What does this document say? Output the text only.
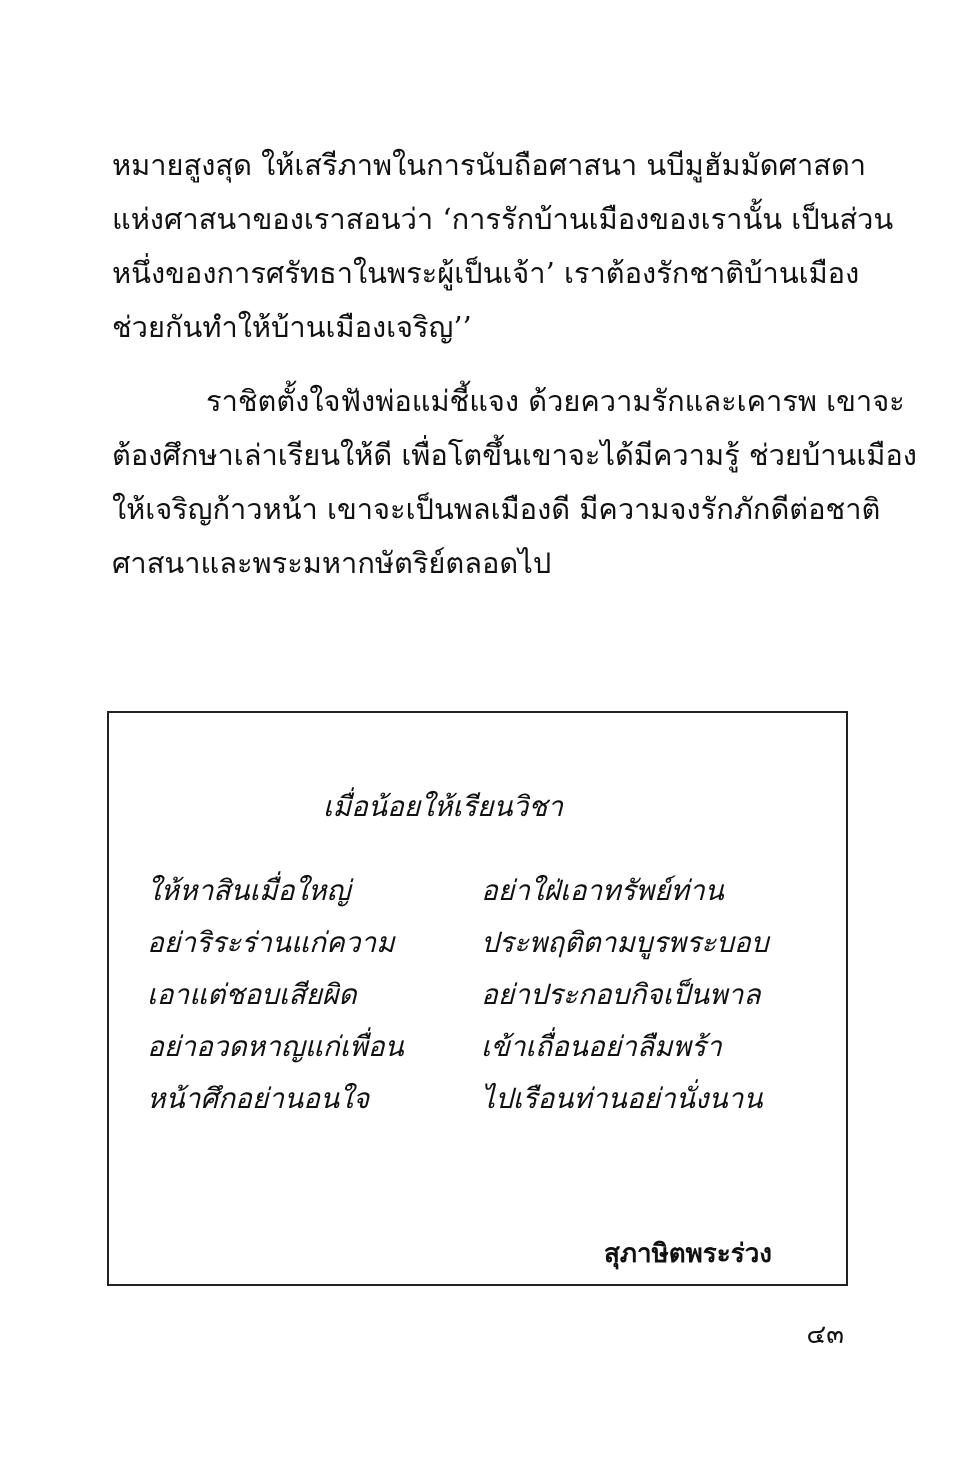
หมายสูงสุด ให้เสรีภาพในการนับถือศาสนา นบีมูฮัมมัดศาสดา
แห่งศาสนาของเราสอนว่า ‘การรักบ้านเมืองของเรานั้น เป็นส่วน
หนึ่งของการศรัทธาในพระผู้เป็นเจ้า’ เราต้องรักชาติบ้านเมือง
ช่วยกันทำให้บ้านเมืองเจริญ’’
ราชิตตั้งใจฟังพ่อแม่ชี้แจง ด้วยความรักและเคารพ เขาจะ
ต้องศึกษาเล่าเรียนให้ดี เพื่อโตขึ้นเขาจะได้มีความรู้ ช่วยบ้านเมือง
ให้เจริญก้าวหน้า เขาจะเป็นพลเมืองดี มีความจงรักภักดีต่อชาติ
ศาสนาและพระมหากษัตริย์ตลอดไป
เมื่อน้อยให้เรียนวิชา
ให้หาสินเมื่อใหญ่
อย่าริระร่านแก่ความ
เอาแต่ชอบเสียผิด
อย่าอวดหาญแก่เพื่อน
หน้าศึกอย่านอนใจ
อย่าใฝ่เอาทรัพย์ท่าน
ประพฤติตามบูรพระบอบ
อย่าประกอบกิจเป็นพาล
เข้าเถื่อนอย่าลืมพร้า
ไปเรือนท่านอย่านั่งนาน
สุภาษิตพระร่วง
๔๓
